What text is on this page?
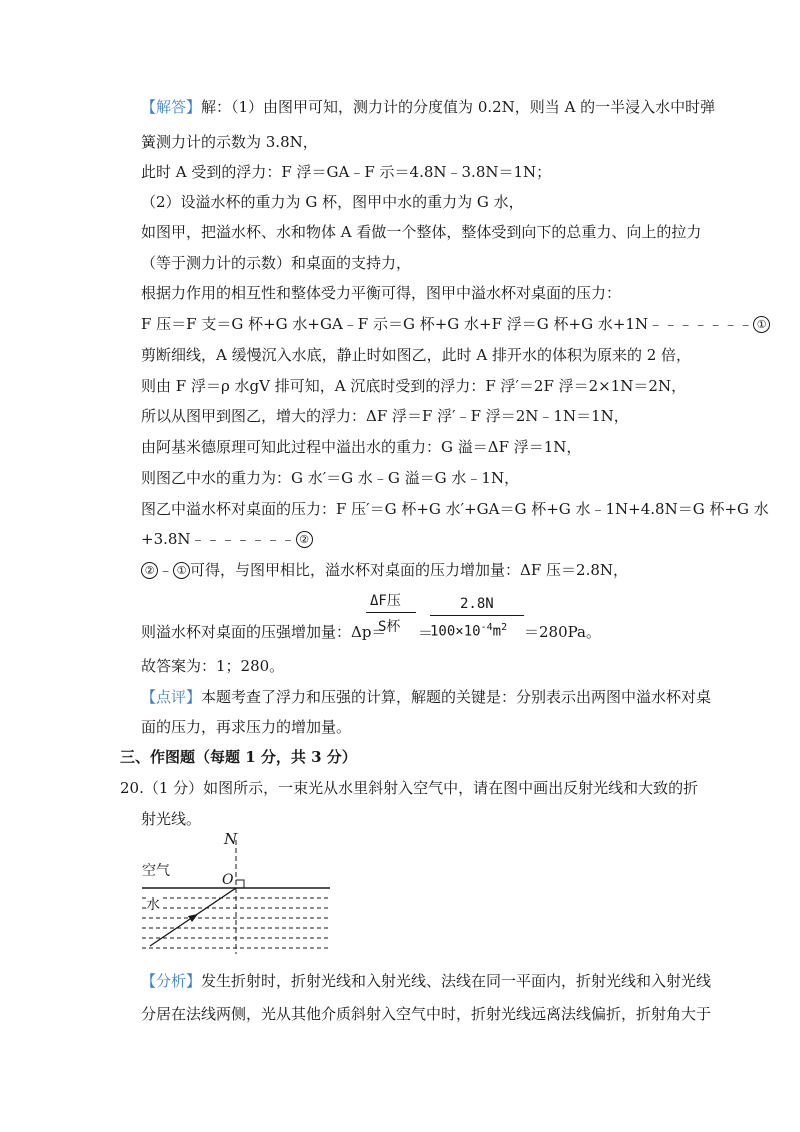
【解答】解：（1）由图甲可知，测力计的分度值为 0.2N，则当 A 的一半浸入水中时弹
簧测力计的示数为 3.8N，
此时 A 受到的浮力：F 浮＝GA﹣F 示＝4.8N﹣3.8N＝1N；
（2）设溢水杯的重力为 G 杯，图甲中水的重力为 G 水，
如图甲，把溢水杯、水和物体 A 看做一个整体，整体受到向下的总重力、向上的拉力
（等于测力计的示数）和桌面的支持力，
根据力作用的相互性和整体受力平衡可得，图甲中溢水杯对桌面的压力：
F 压＝F 支＝G 杯+G 水+GA﹣F 示＝G 杯+G 水+F 浮＝G 杯+G 水+1N﹣﹣﹣﹣﹣﹣﹣ ①
剪断细线，A 缓慢沉入水底，静止时如图乙，此时 A 排开水的体积为原来的 2 倍，
则由 F 浮＝ρ 水gV 排可知，A 沉底时受到的浮力：F 浮′＝2F 浮＝2×1N＝2N，
所以从图甲到图乙，增大的浮力：ΔF 浮＝F 浮′﹣F 浮＝2N﹣1N＝1N，
由阿基米德原理可知此过程中溢出水的重力：G 溢＝ΔF 浮＝1N，
则图乙中水的重力为：G 水′＝G 水﹣G 溢＝G 水﹣1N，
图乙中溢水杯对桌面的压力：F 压′＝G 杯+G 水′+GA＝G 杯+G 水﹣1N+4.8N＝G 杯+G 水
+3.8N﹣﹣﹣﹣﹣﹣﹣ ②
② ﹣ ① 可得，与图甲相比，溢水杯对桌面的压力增加量：ΔF 压＝2.8N，
则溢水杯对桌面的压强增加量：Δp＝
ΔF压
S杯 ＝
2.8N
$100\times 10^{-4}m^2 =280Pa$。
故答案为：1；280。
【点评】本题考查了浮力和压强的计算，解题的关键是：分别表示出两图中溢水杯对桌
面的压力，再求压力的增加量。
三、作图题（每题 1 分，共 3 分）
20.（1 分）如图所示，一束光从水里斜射入空气中，请在图中画出反射光线和大致的折
射光线。
N
O
空气
水
【分析】发生折射时，折射光线和入射光线、法线在同一平面内，折射光线和入射光线
分居在法线两侧，光从其他介质斜射入空气中时，折射光线远离法线偏折，折射角大于
